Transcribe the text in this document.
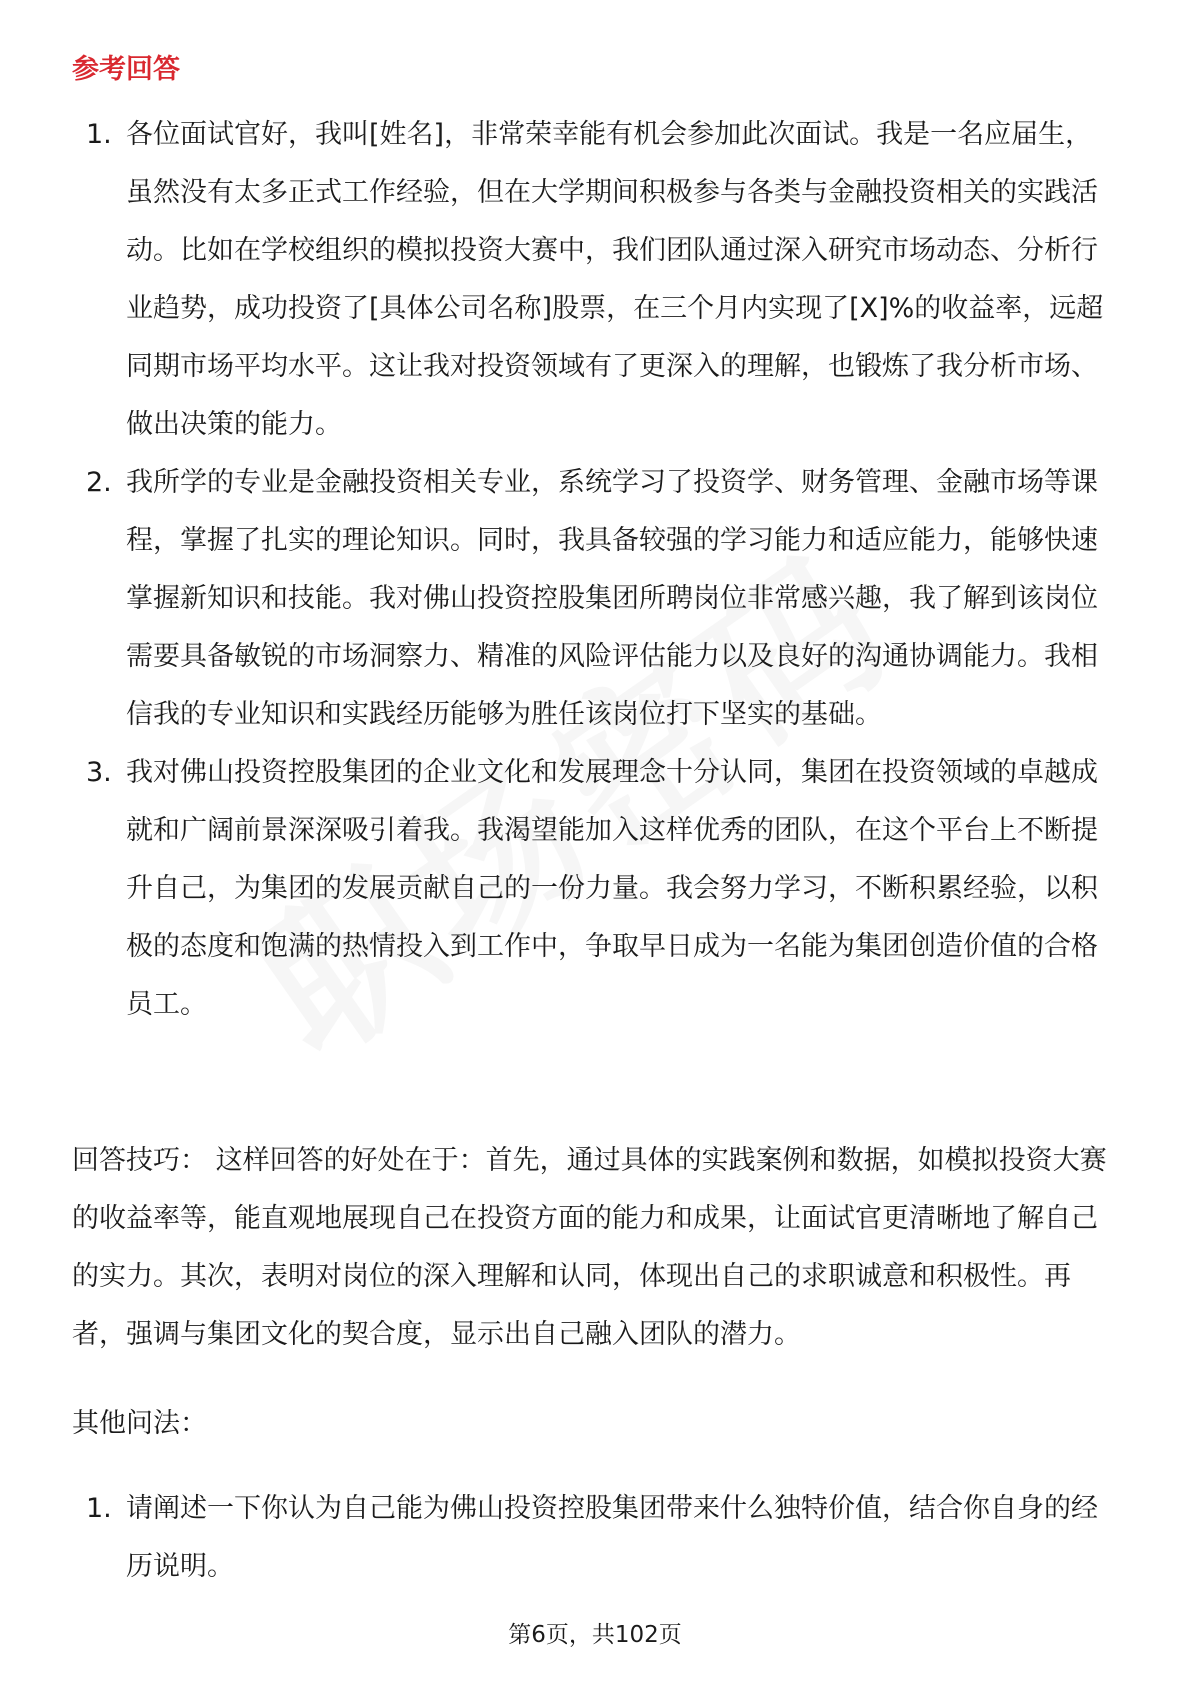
参考回答
1. 各位面试官好，我叫[姓名]，非常荣幸能有机会参加此次面试。我是一名应届生，虽然没有太多正式工作经验，但在大学期间积极参与各类与金融投资相关的实践活动。比如在学校组织的模拟投资大赛中，我们团队通过深入研究市场动态、分析行业趋势，成功投资了[具体公司名称]股票，在三个月内实现了[X]%的收益率，远超同期市场平均水平。这让我对投资领域有了更深入的理解，也锻炼了我分析市场、做出决策的能力。
2. 我所学的专业是金融投资相关专业，系统学习了投资学、财务管理、金融市场等课程，掌握了扎实的理论知识。同时，我具备较强的学习能力和适应能力，能够快速掌握新知识和技能。我对佛山投资控股集团所聘岗位非常感兴趣，我了解到该岗位需要具备敏锐的市场洞察力、精准的风险评估能力以及良好的沟通协调能力。我相信我的专业知识和实践经历能够为胜任该岗位打下坚实的基础。
3. 我对佛山投资控股集团的企业文化和发展理念十分认同，集团在投资领域的卓越成就和广阔前景深深吸引着我。我渴望能加入这样优秀的团队，在这个平台上不断提升自己，为集团的发展贡献自己的一份力量。我会努力学习，不断积累经验，以积极的态度和饱满的热情投入到工作中，争取早日成为一名能为集团创造价值的合格员工。
回答技巧： 这样回答的好处在于：首先，通过具体的实践案例和数据，如模拟投资大赛的收益率等，能直观地展现自己在投资方面的能力和成果，让面试官更清晰地了解自己的实力。其次，表明对岗位的深入理解和认同，体现出自己的求职诚意和积极性。再者，强调与集团文化的契合度，显示出自己融入团队的潜力。
其他问法：
1. 请阐述一下你认为自己能为佛山投资控股集团带来什么独特价值，结合你自身的经历说明。
第6页，共102页
